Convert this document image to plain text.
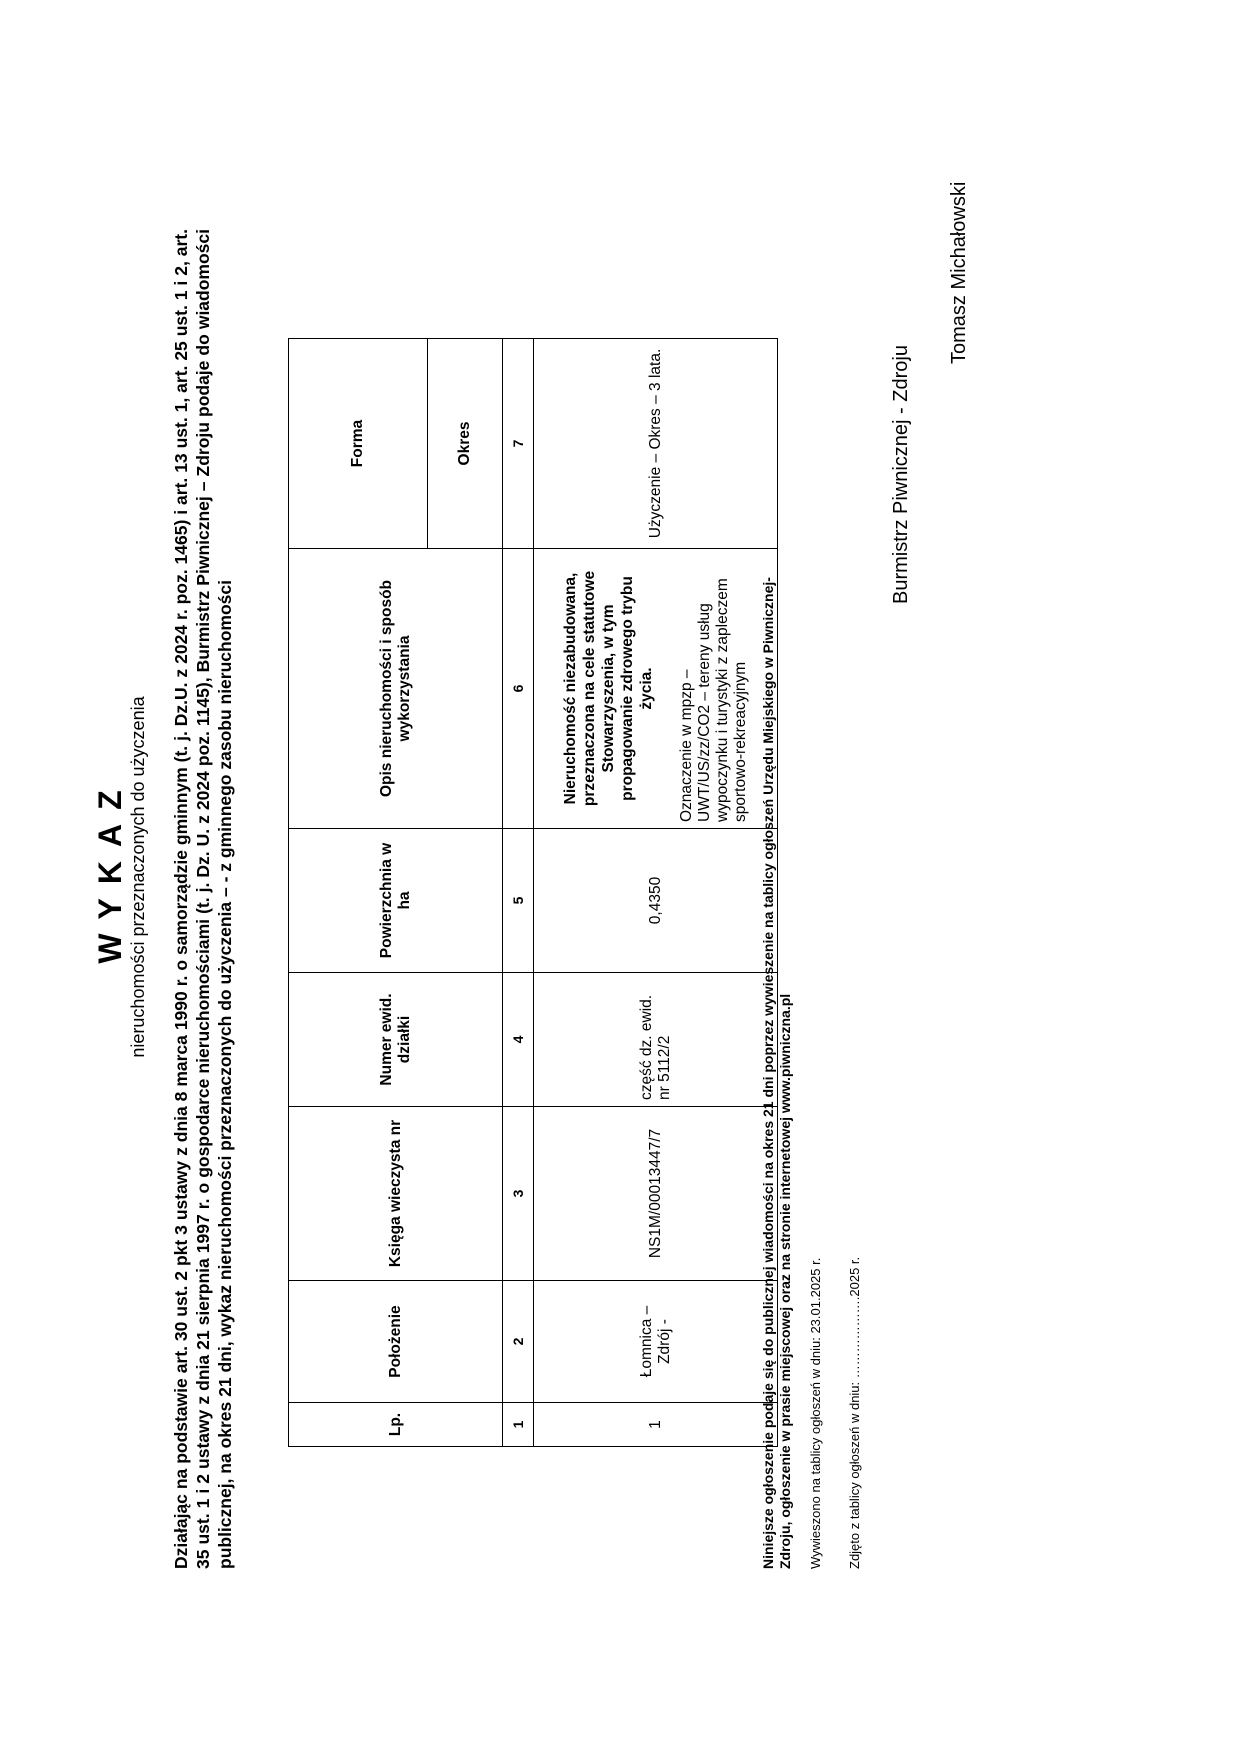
WYKAZ nieruchomości przeznaczonych do użyczenia Działając na podstawie art. 30 ust. 2 pkt 3 ustawy z dnia 8 marca 1990 r. o samorządzie gminnym (t. j. Dz.U. z 2024 r. poz. 1465) i art. 13 ust. 1, art. 25 ust. 1 i 2, art. 35 ust. 1 i 2 ustawy z dnia 21 sierpnia 1997 r. o gospodarce nieruchomościami (t. j. Dz. U. z 2024 poz. 1145), Burmistrz Piwnicznej – Zdroju podaje do wiadomości publicznej, na okres 21 dni, wykaz nieruchomości przeznaczonych do użyczenia – - z gminnego zasobu nieruchomości	Lp.	Położenie	Księga wieczysta nr	Numer ewid. działki	Powierzchnia w ha	Opis nieruchomości i sposób wykorzystania	Forma
						Okres
1	2	3	4	5	6	7
1	Łomnica – Zdrój -	NS1M/00013447/7	część dz. ewid. nr 5112/2	0,4350	Nieruchomość niezabudowana, przeznaczona na cele statutowe Stowarzyszenia, w tym propagowanie zdrowego trybu życia. Oznaczenie w mpzp – UWT/US/zz/CO2 – tereny usług wypoczynku i turystyki z zapleczem sportowo-rekreacyjnym	Użyczenie – Okres – 3 lata.
Niniejsze ogłoszenie podaje się do publicznej wiadomości na okres 21 dni poprzez wywieszenie na tablicy ogłoszeń Urzędu Miejskiego w Piwnicznej-Zdroju, ogłoszenie w prasie miejscowej oraz na stronie internetowej www.piwniczna.pl Wywieszono na tablicy ogłoszeń w dniu: 23.01.2025 r. Zdjęto z tablicy ogłoszeń w dniu: ……………….2025 r.
Burmistrz Piwnicznej - Zdroju
Tomasz Michałowski
